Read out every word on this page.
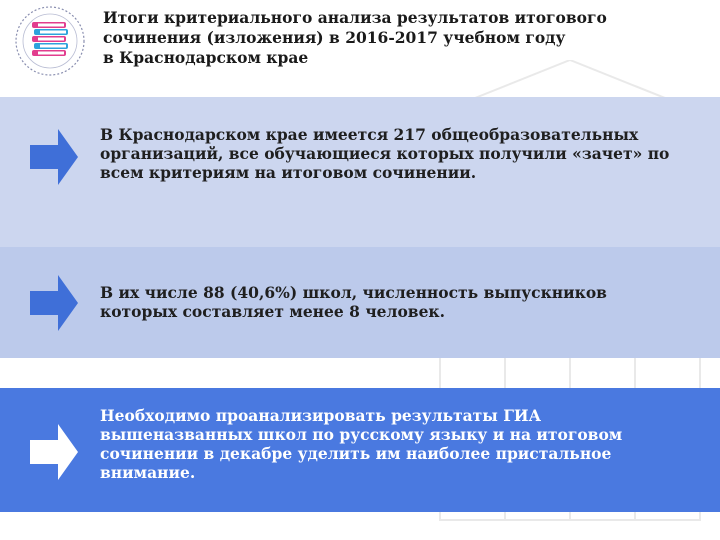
Итоги критериального анализа результатов итогового
сочинения (изложения) в 2016-2017 учебном году
в Краснодарском крае

В Краснодарском крае имеется 217 общеобразовательных
организаций, все обучающиеся которых получили «зачет» по
всем критериям на итоговом сочинении.

В их числе 88 (40,6%) школ, численность выпускников
которых составляет менее 8 человек.

Необходимо проанализировать результаты ГИА
вышеназванных школ по русскому языку и на итоговом
сочинении в декабре уделить им наиболее пристальное
внимание.
